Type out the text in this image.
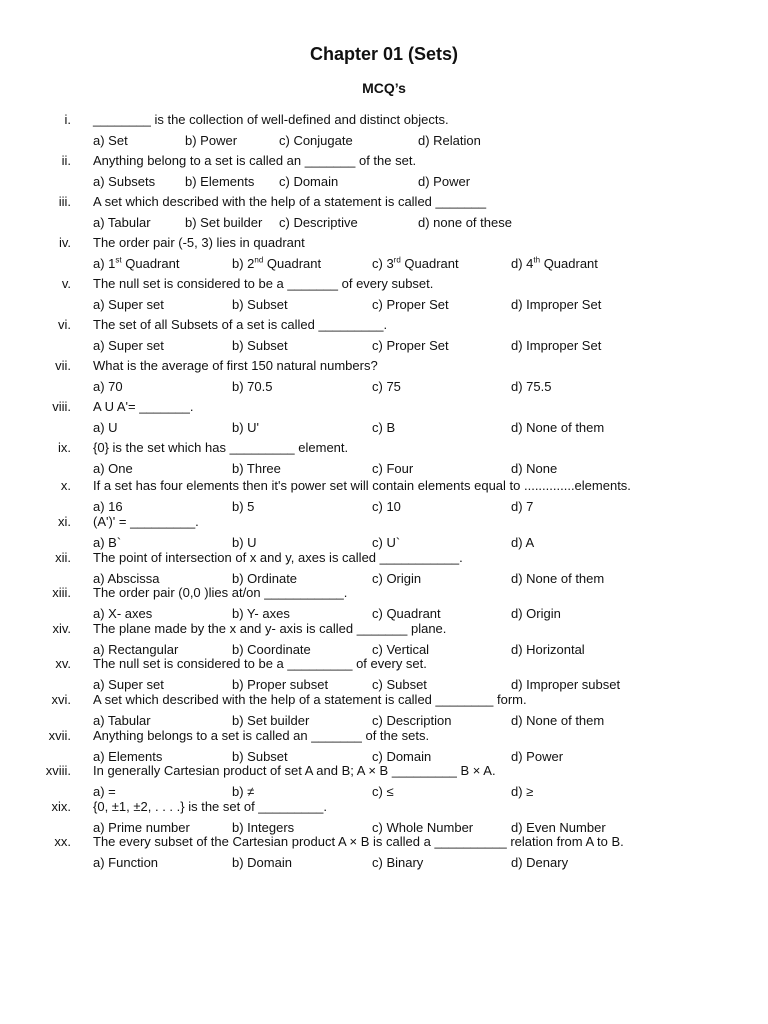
Chapter 01 (Sets)
MCQ’s
i. ________ is the collection of well-defined and distinct objects.
a) Set	b) Power	c) Conjugate	d) Relation
ii. Anything belong to a set is called an _______ of the set.
a) Subsets b) Elements c) Domain	d) Power
iii. A set which described with the help of a statement is called _______
a) Tabular	b) Set builder c) Descriptive	d) none of these
iv. The order pair (-5, 3) lies in quadrant
a) 1st Quadrant	b) 2nd Quadrant	c) 3rd Quadrant	d) 4th Quadrant
v. The null set is considered to be a _______ of every subset.
a) Super set	b) Subset	c) Proper Set	d) Improper Set
vi. The set of all Subsets of a set is called _________.
a) Super set	b) Subset	c) Proper Set	d) Improper Set
vii. What is the average of first 150 natural numbers?
a) 70	b) 70.5	c) 75	d) 75.5
viii. A U A'= _______.
a) U	b) U'	c) B	d) None of them
ix. {0} is the set which has _________ element.
a) One	b) Three	c) Four	d) None
x. If a set has four elements then it's power set will contain elements equal to ..............elements.
a) 16	b) 5	c) 10	d) 7
xi. (A')' = _________.
a) B`	b) U	c) U`	d) A
xii. The point of intersection of x and y, axes is called ___________.
a) Abscissa	b) Ordinate	c) Origin	d) None of them
xiii. The order pair (0,0 )lies at/on ___________.
a) X- axes	b) Y- axes	c) Quadrant	d) Origin
xiv. The plane made by the x and y- axis is called _______ plane.
a) Rectangular	b) Coordinate	c) Vertical	d) Horizontal
xv. The null set is considered to be a _________ of every set.
a) Super set	b) Proper subset	c) Subset	d) Improper subset
xvi. A set which described with the help of a statement is called ________ form.
a) Tabular	b) Set builder	c) Description	d) None of them
xvii. Anything belongs to a set is called an _______ of the sets.
a) Elements	b) Subset	c) Domain	d) Power
xviii. In generally Cartesian product of set A and B; A × B _________ B × A.
a) =	b) ≠	c) ≤	d) ≥
xix. {0, ±1, ±2, . . . .} is the set of _________.
a) Prime number	b) Integers	c) Whole Number	d) Even Number
xx. The every subset of the Cartesian product A × B is called a __________ relation from A to B.
a) Function	b) Domain	c) Binary	d) Denary
